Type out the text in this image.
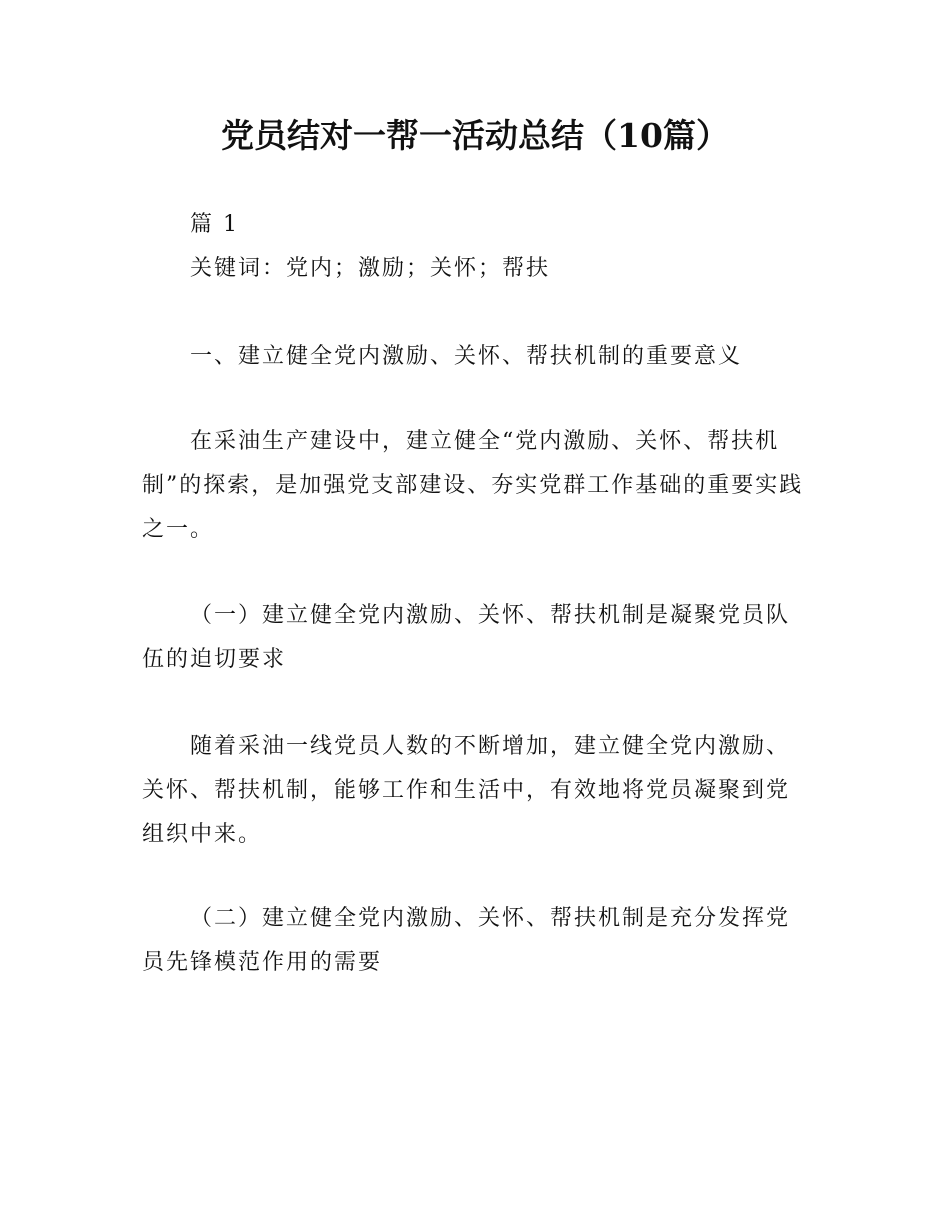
党员结对一帮一活动总结（10篇）

篇 1

关键词：党内；激励；关怀；帮扶

一、建立健全党内激励、关怀、帮扶机制的重要意义

在采油生产建设中，建立健全“党内激励、关怀、帮扶机制”的探索，是加强党支部建设、夯实党群工作基础的重要实践之一。

（一）建立健全党内激励、关怀、帮扶机制是凝聚党员队伍的迫切要求

随着采油一线党员人数的不断增加，建立健全党内激励、关怀、帮扶机制，能够工作和生活中，有效地将党员凝聚到党组织中来。

（二）建立健全党内激励、关怀、帮扶机制是充分发挥党员先锋模范作用的需要
